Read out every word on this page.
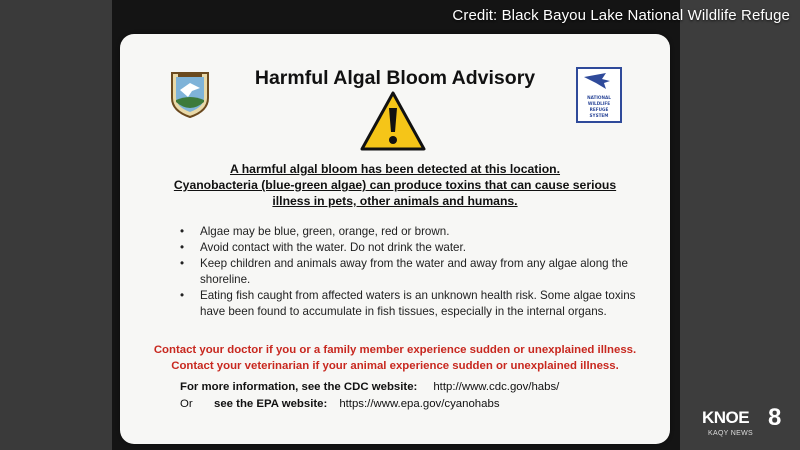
Credit: Black Bayou Lake National Wildlife Refuge
Harmful Algal Bloom Advisory
NATIONAL
WILDLIFE
REFUGE
SYSTEM
A harmful algal bloom has been detected at this location.
Cyanobacteria (blue-green algae) can produce toxins that can cause serious
illness in pets, other animals and humans.
• Algae may be blue, green, orange, red or brown.
• Avoid contact with the water. Do not drink the water.
• Keep children and animals away from the water and away from any algae along the shoreline.
• Eating fish caught from affected waters is an unknown health risk. Some algae toxins have been found to accumulate in fish tissues, especially in the internal organs.
Contact your doctor if you or a family member experience sudden or unexplained illness.
Contact your veterinarian if your animal experience sudden or unexplained illness.
For more information, see the CDC website: http://www.cdc.gov/habs/
Or see the EPA website: https://www.epa.gov/cyanohabs
KNOE 8
KAQY NEWS
